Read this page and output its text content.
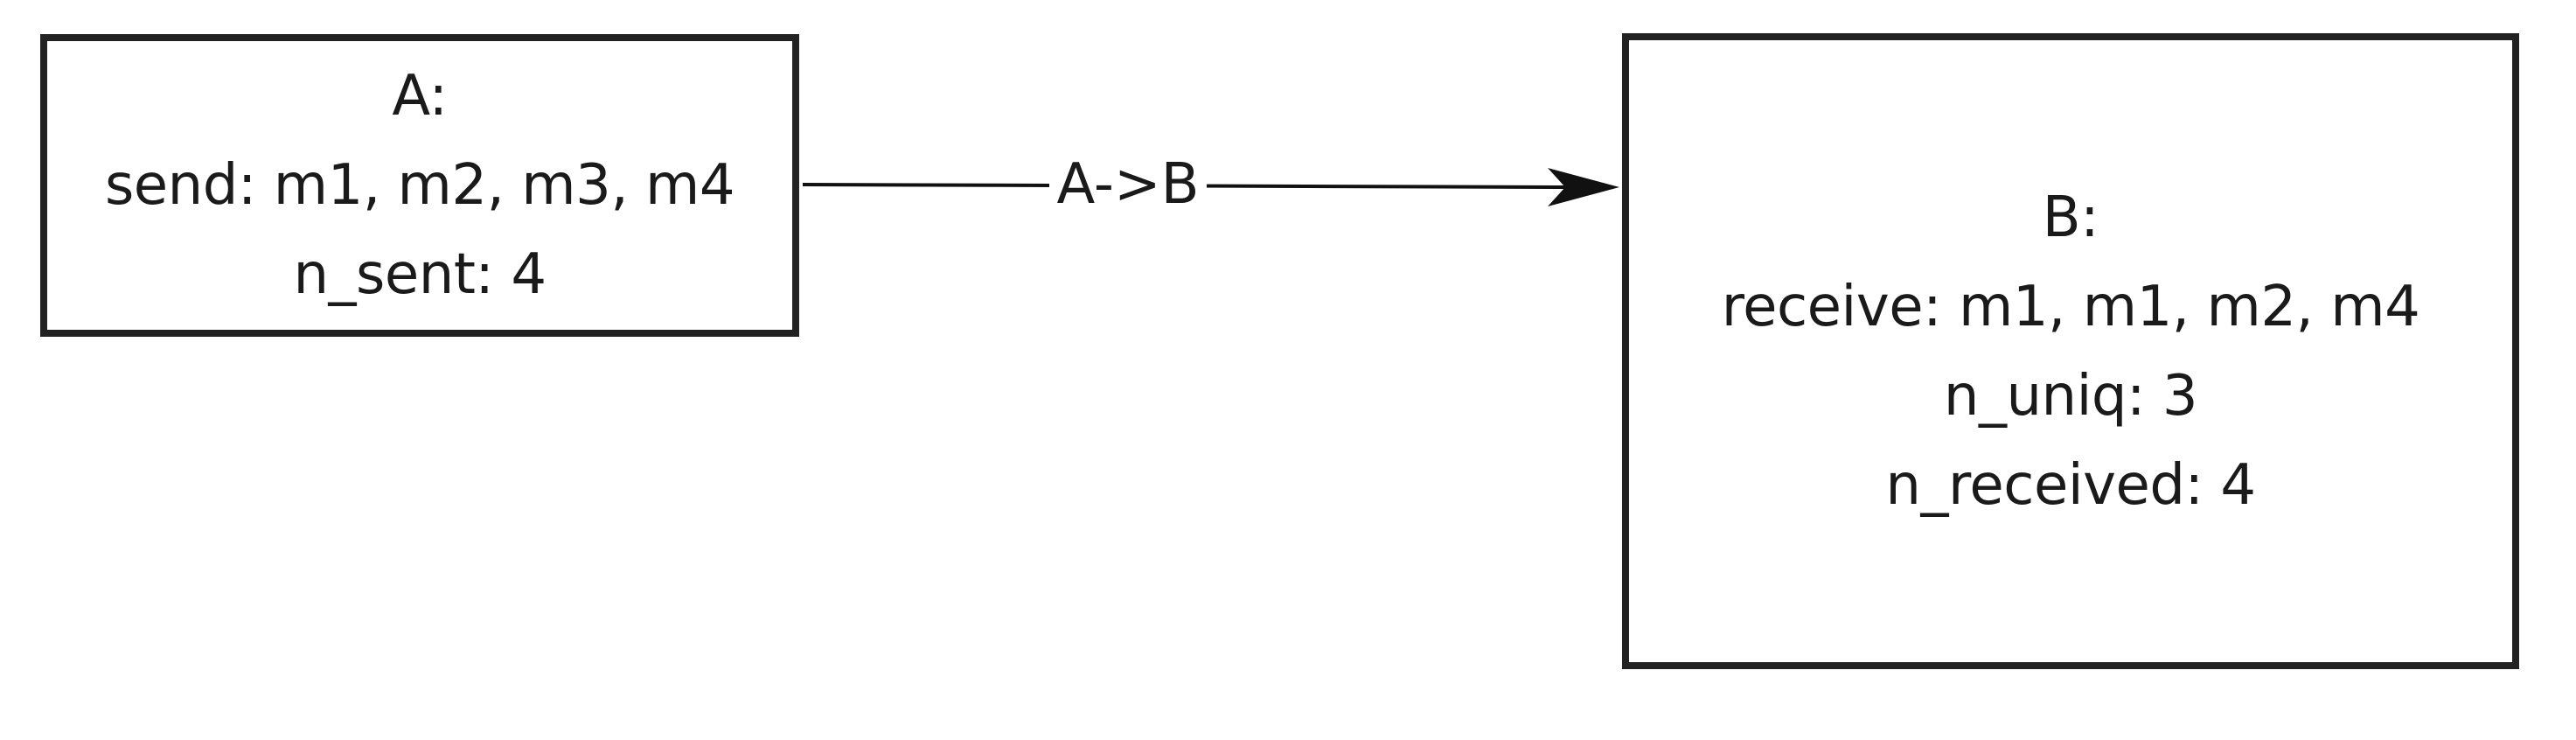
A->B
A:
send: m1, m2, m3, m4
n_sent: 4
B:
receive: m1, m1, m2, m4
n_uniq: 3
n_received: 4
